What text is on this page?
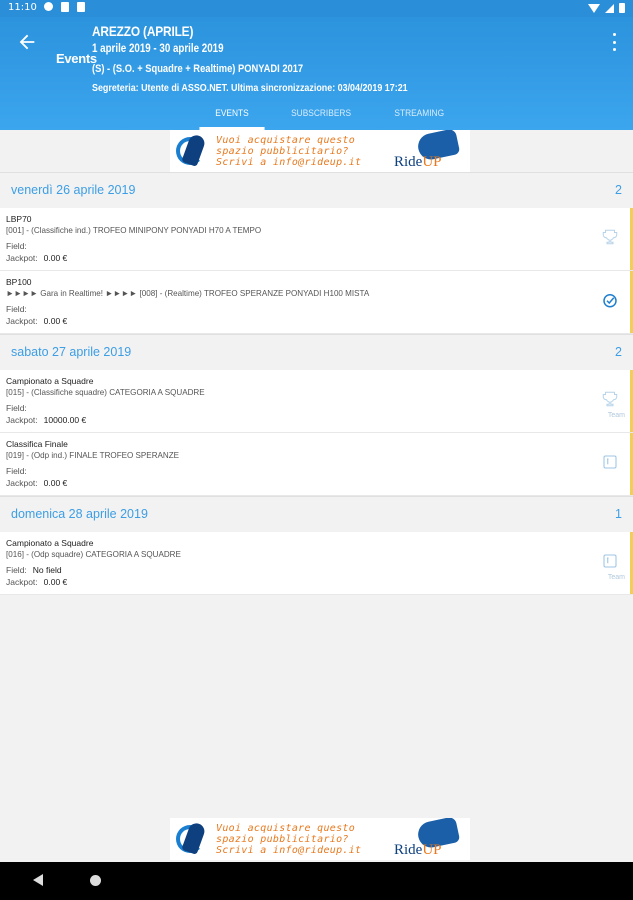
11:10
Events
AREZZO (APRILE)
1 aprile 2019 - 30 aprile 2019
(S) - (S.O. + Squadre + Realtime) PONYADI 2017
Segreteria: Utente di ASSO.NET. Ultima sincronizzazione: 03/04/2019 17:21
EVENTS	SUBSCRIBERS	STREAMING
Vuoi acquistare questo
spazio pubblicitario?
Scrivi a info@rideup.it	RideUP
venerdì 26 aprile 2019	2
LBP70
[001] - (Classifiche ind.) TROFEO MINIPONY PONYADI H70 A TEMPO
Field:
Jackpot: 0.00 €
BP100
►►►► Gara in Realtime! ►►►► [008] - (Realtime) TROFEO SPERANZE PONYADI H100 MISTA
Field:
Jackpot: 0.00 €
sabato 27 aprile 2019	2
Campionato a Squadre
[015] - (Classifiche squadre) CATEGORIA A SQUADRE
Field:
Jackpot: 10000.00 €	Team
Classifica Finale
[019] - (Odp ind.) FINALE TROFEO SPERANZE
Field:
Jackpot: 0.00 €
domenica 28 aprile 2019	1
Campionato a Squadre
[016] - (Odp squadre) CATEGORIA A SQUADRE
Field: No field
Jackpot: 0.00 €	Team
Vuoi acquistare questo
spazio pubblicitario?
Scrivi a info@rideup.it	RideUP
